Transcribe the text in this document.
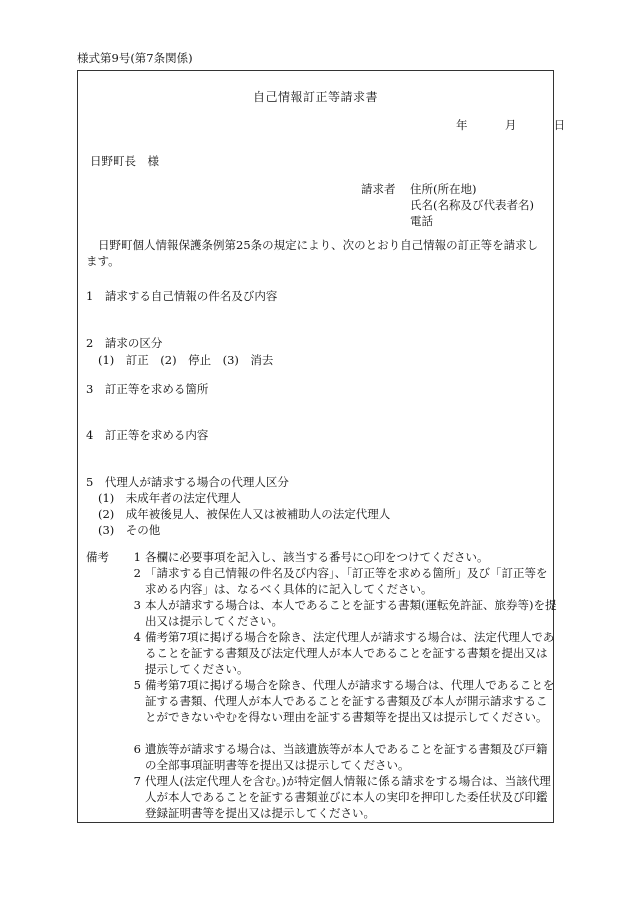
様式第9号(第7条関係)
自己情報訂正等請求書
年	月	日
日野町長　様
請求者 住所(所在地)
氏名(名称及び代表者名)
電話
日野町個人情報保護条例第25条の規定により、次のとおり自己情報の訂正等を請求します。
1　請求する自己情報の件名及び内容
2　請求の区分
(1)　訂正　(2)　停止　(3)　消去
3　訂正等を求める箇所
4　訂正等を求める内容
5　代理人が請求する場合の代理人区分
(1)　未成年者の法定代理人
(2)　成年被後見人、被保佐人又は被補助人の法定代理人
(3)　その他
備考	1 各欄に必要事項を記入し、該当する番号に○印をつけてください。
2 「請求する自己情報の件名及び内容」、「訂正等を求める箇所」及び「訂正等を求める内容」は、なるべく具体的に記入してください。
3 本人が請求する場合は、本人であることを証する書類(運転免許証、旅券等)を提出又は提示してください。
4 備考第7項に掲げる場合を除き、法定代理人が請求する場合は、法定代理人であることを証する書類及び法定代理人が本人であることを証する書類を提出又は提示してください。
5 備考第7項に掲げる場合を除き、代理人が請求する場合は、代理人であることを証する書類、代理人が本人であることを証する書類及び本人が開示請求することができないやむを得ない理由を証する書類等を提出又は提示してください。
6 遺族等が請求する場合は、当該遺族等が本人であることを証する書類及び戸籍の全部事項証明書等を提出又は提示してください。
7 代理人(法定代理人を含む。)が特定個人情報に係る請求をする場合は、当該代理人が本人であることを証する書類並びに本人の実印を押印した委任状及び印鑑登録証明書等を提出又は提示してください。
